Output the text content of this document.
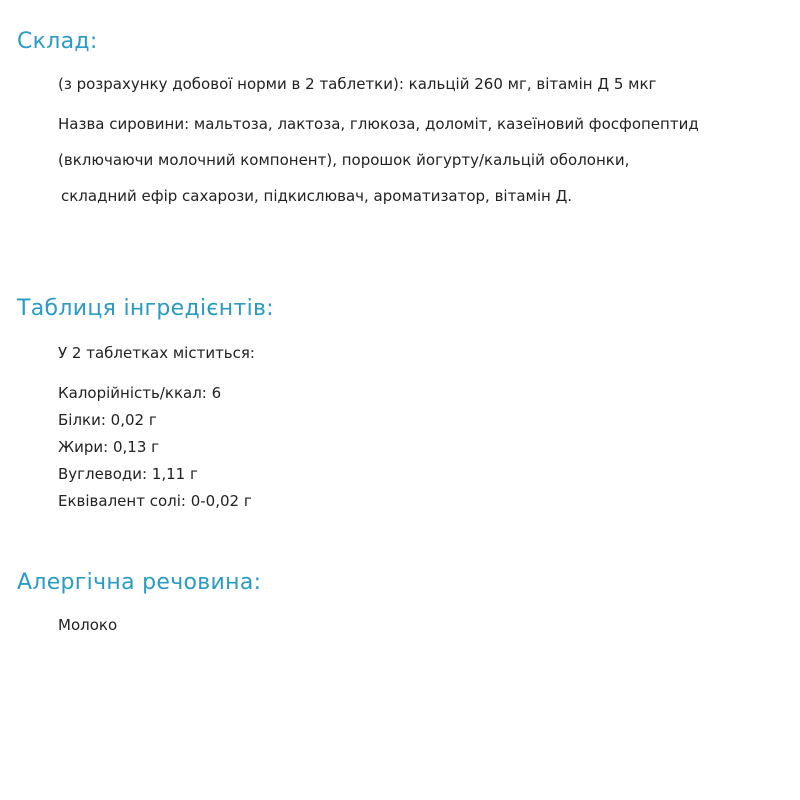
Склад:

(з розрахунку добової норми в 2 таблетки): кальцій 260 мг, вітамін Д 5 мкг

Назва сировини: мальтоза, лактоза, глюкоза, доломіт, казеїновий фосфопептид

(включаючи молочний компонент), порошок йогурту/кальцій оболонки,

складний ефір сахарози, підкислювач, ароматизатор, вітамін Д.

Таблиця інгредієнтів:

У 2 таблетках міститься:

Калорійність/ккал: 6

Білки: 0,02 г

Жири: 0,13 г

Вуглеводи: 1,11 г

Еквівалент солі: 0-0,02 г

Алергічна речовина:

Молоко
